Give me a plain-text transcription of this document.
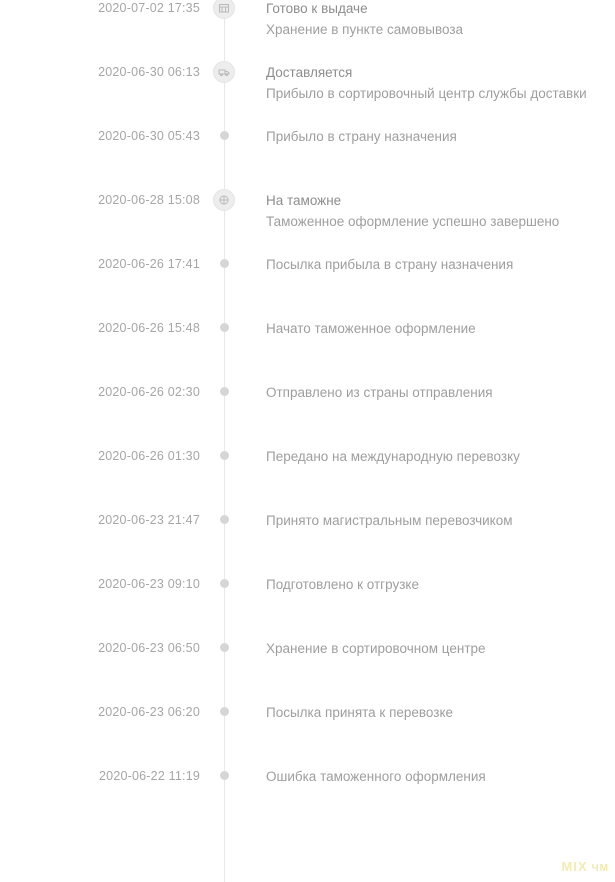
2020-07-02 17:35	Готово к выдаче
Хранение в пункте самовывоза
2020-06-30 06:13	Доставляется
Прибыло в сортировочный центр службы доставки
2020-06-30 05:43	Прибыло в страну назначения
2020-06-28 15:08	На таможне
Таможенное оформление успешно завершено
2020-06-26 17:41	Посылка прибыла в страну назначения
2020-06-26 15:48	Начато таможенное оформление
2020-06-26 02:30	Отправлено из страны отправления
2020-06-26 01:30	Передано на международную перевозку
2020-06-23 21:47	Принято магистральным перевозчиком
2020-06-23 09:10	Подготовлено к отгрузке
2020-06-23 06:50	Хранение в сортировочном центре
2020-06-23 06:20	Посылка принята к перевозке
2020-06-22 11:19	Ошибка таможенного оформления
MIX ЧМ
